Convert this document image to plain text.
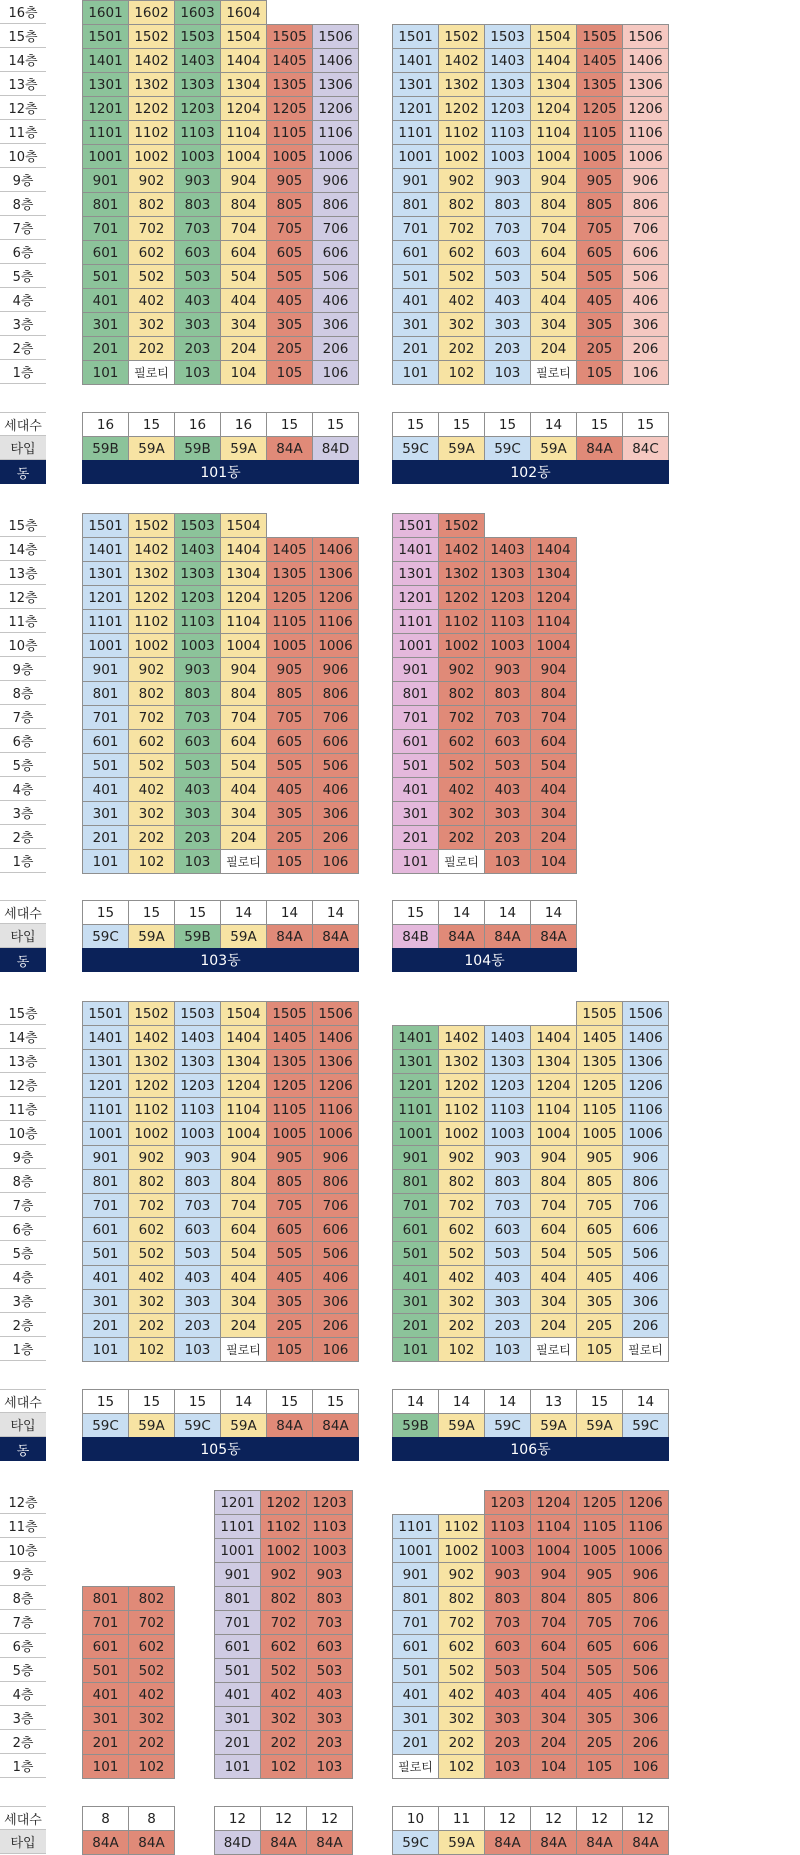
16층
15층
14층
13층
12층
11층
10층
9층
8층
7층
6층
5층
4층
3층
2층
1층
세대수
타입
동
1601 1602 1603 1604
1501 1502 1503 1504 1505 1506
1401 1402 1403 1404 1405 1406
1301 1302 1303 1304 1305 1306
1201 1202 1203 1204 1205 1206
1101 1102 1103 1104 1105 1106
1001 1002 1003 1004 1005 1006
901	902	903	904	905	906
801	802	803	804	805	806
701	702	703	704	705	706
601	602	603	604	605	606
501	502	503	504	505	506
401	402	403	404	405	406
301	302	303	304	305	306
201	202	203	204	205	206
101	필로티	103	104	105	106
16	15	16	16	15	15
59B	59A	59B	59A	84A	84D
101동
1501 1502 1503 1504 1505 1506
1401 1402 1403 1404 1405 1406
1301 1302 1303 1304 1305 1306
1201 1202 1203 1204 1205 1206
1101 1102 1103 1104 1105 1106
1001 1002 1003 1004 1005 1006
901	902	903	904	905	906
801	802	803	804	805	806
701	702	703	704	705	706
601	602	603	604	605	606
501	502	503	504	505	506
401	402	403	404	405	406
301	302	303	304	305	306
201	202	203	204	205	206
101	102	103	필로티	105	106
15	15	15	14	15	15
59C	59A	59C	59A	84A	84C
102동
15층
14층
13층
12층
11층
10층
9층
8층
7층
6층
5층
4층
3층
2층
1층
세대수
타입
동
1501 1502 1503 1504
1401 1402 1403 1404 1405 1406
1301 1302 1303 1304 1305 1306
1201 1202 1203 1204 1205 1206
1101 1102 1103 1104 1105 1106
1001 1002 1003 1004 1005 1006
901	902	903	904	905	906
801	802	803	804	805	806
701	702	703	704	705	706
601	602	603	604	605	606
501	502	503	504	505	506
401	402	403	404	405	406
301	302	303	304	305	306
201	202	203	204	205	206
101	102	103	필로티	105	106
15	15	15	14	14	14
59C	59A	59B	59A	84A	84A
103동
1501 1502
1401 1402 1403 1404
1301 1302 1303 1304
1201 1202 1203 1204
1101 1102 1103 1104
1001 1002 1003 1004
901	902	903	904
801	802	803	804
701	702	703	704
601	602	603	604
501	502	503	504
401	402	403	404
301	302	303	304
201	202	203	204
101	필로티	103	104
15	14	14	14
84B	84A	84A	84A
104동
15층
14층
13층
12층
11층
10층
9층
8층
7층
6층
5층
4층
3층
2층
1층
세대수
타입
동
1501 1502 1503 1504 1505 1506
1401 1402 1403 1404 1405 1406
1301 1302 1303 1304 1305 1306
1201 1202 1203 1204 1205 1206
1101 1102 1103 1104 1105 1106
1001 1002 1003 1004 1005 1006
901	902	903	904	905	906
801	802	803	804	805	806
701	702	703	704	705	706
601	602	603	604	605	606
501	502	503	504	505	506
401	402	403	404	405	406
301	302	303	304	305	306
201	202	203	204	205	206
101	102	103	필로티	105	106
15	15	15	14	15	15
59C	59A	59C	59A	84A	84A
105동
1505 1506
1401 1402 1403 1404 1405 1406
1301 1302 1303 1304 1305 1306
1201 1202 1203 1204 1205 1206
1101 1102 1103 1104 1105 1106
1001 1002 1003 1004 1005 1006
901	902	903	904	905	906
801	802	803	804	805	806
701	702	703	704	705	706
601	602	603	604	605	606
501	502	503	504	505	506
401	402	403	404	405	406
301	302	303	304	305	306
201	202	203	204	205	206
101	102	103	필로티	105	필로티
14	14	14	13	15	14
59B	59A	59C	59A	59A	59C
106동
12층
11층
10층
9층
8층
7층
6층
5층
4층
3층
2층
1층
세대수
타입
801	802
701	702
601	602
501	502
401	402
301	302
201	202
101	102
8	8
84A	84A
1201 1202 1203
1101 1102 1103
1001 1002 1003
901	902	903
801	802	803
701	702	703
601	602	603
501	502	503
401	402	403
301	302	303
201	202	203
101	102	103
12	12	12
84D	84A	84A
1203 1204 1205 1206
1101 1102 1103 1104 1105 1106
1001 1002 1003 1004 1005 1006
901	902	903	904	905	906
801	802	803	804	805	806
701	702	703	704	705	706
601	602	603	604	605	606
501	502	503	504	505	506
401	402	403	404	405	406
301	302	303	304	305	306
201	202	203	204	205	206
필로티	102	103	104	105	106
10	11	12	12	12	12
59C	59A	84A	84A	84A	84A
